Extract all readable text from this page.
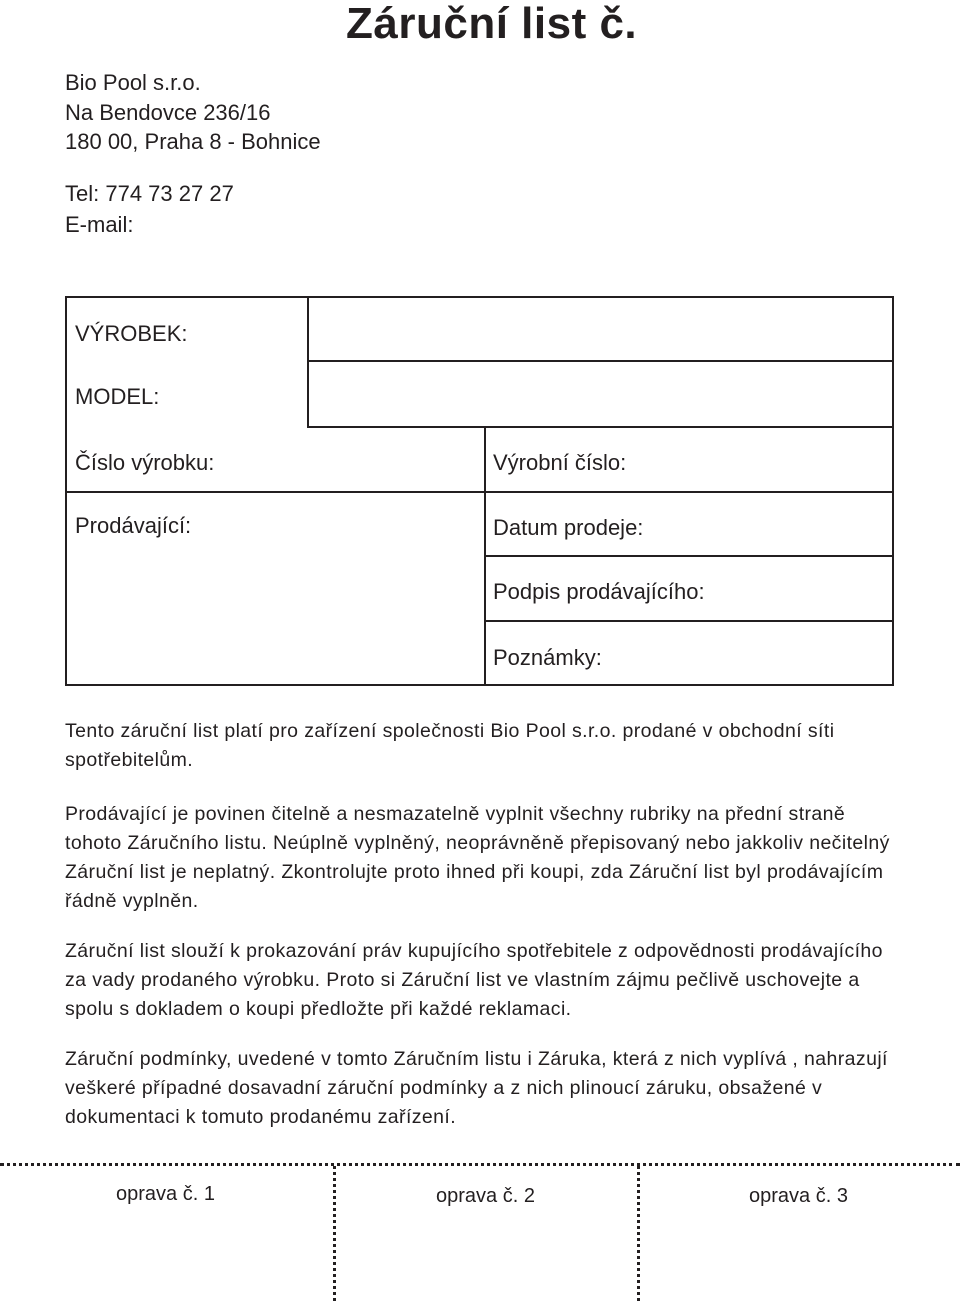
Záruční list č.
Bio Pool s.r.o.
Na Bendovce 236/16
180 00, Praha 8 - Bohnice
Tel: 774 73 27 27
E-mail:
VÝROBEK:
MODEL:
Číslo výrobku:	Výrobní číslo:
Prodávající:	Datum prodeje:
Podpis prodávajícího:
Poznámky:
Tento záruční list platí pro zařízení společnosti Bio Pool s.r.o. prodané v obchodní síti spotřebitelům.
Prodávající je povinen čitelně a nesmazatelně vyplnit všechny rubriky na přední straně tohoto Záručního listu. Neúplně vyplněný, neoprávněně přepisovaný nebo jakkoliv nečitelný Záruční list je neplatný. Zkontrolujte proto ihned při koupi, zda Záruční list byl prodávajícím řádně vyplněn.
Záruční list slouží k prokazování práv kupujícího spotřebitele z odpovědnosti prodávajícího za vady prodaného výrobku. Proto si Záruční list ve vlastním zájmu pečlivě uschovejte a spolu s dokladem o koupi předložte při každé reklamaci.
Záruční podmínky, uvedené v tomto Záručním listu i Záruka, která z nich vyplívá , nahrazují veškeré případné dosavadní záruční podmínky a z nich plinoucí záruku, obsažené v dokumentaci k tomuto prodanému zařízení.
oprava č. 1	oprava č. 2	oprava č. 3
